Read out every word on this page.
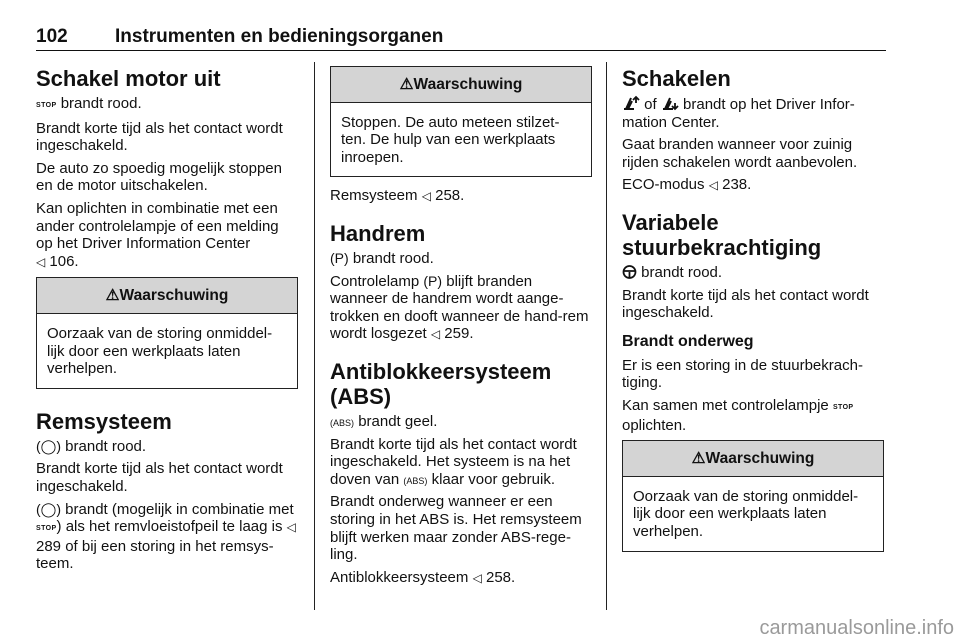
102 Instrumenten en bedieningsorganen
Schakel motor uit

STOP brandt rood.

Brandt korte tijd als het contact wordt ingeschakeld.

De auto zo spoedig mogelijk stoppen en de motor uitschakelen.

Kan oplichten in combinatie met een ander controlelampje of een melding op het Driver Information Center
◁ 106.

⚠Waarschuwing
Oorzaak van de storing onmiddel-lijk door een werkplaats laten verhelpen.
Remsysteem

(◯) brandt rood.

Brandt korte tijd als het contact wordt ingeschakeld.

(◯) brandt (mogelijk in combinatie met STOP) als het remvloeistofpeil te laag is ◁ 289 of bij een storing in het remsys-teem.

⚠Waarschuwing
Stoppen. De auto meteen stilzet-ten. De hulp van een werkplaats inroepen.

Remsysteem ◁ 258.

Handrem

(P) brandt rood.

Controlelamp (P) blijft branden wanneer de handrem wordt aange-trokken en dooft wanneer de hand-rem wordt losgezet ◁ 259.

Antiblokkeersysteem (ABS)

(ABS) brandt geel.

Brandt korte tijd als het contact wordt ingeschakeld. Het systeem is na het doven van (ABS) klaar voor gebruik.

Brandt onderweg wanneer er een storing in het ABS is. Het remsysteem blijft werken maar zonder ABS-rege-ling.

Antiblokkeersysteem ◁ 258.

Schakelen

of brandt op het Driver Infor-mation Center.

Gaat branden wanneer voor zuinig rijden schakelen wordt aanbevolen.

ECO-modus ◁ 238.

Variabele stuurbekrachtiging

brandt rood.

Brandt korte tijd als het contact wordt ingeschakeld.

Brandt onderweg

Er is een storing in de stuurbekrach-tiging.

Kan samen met controlelampje STOP
oplichten.

⚠Waarschuwing
Oorzaak van de storing onmiddel-lijk door een werkplaats laten verhelpen.
carmanualsonline.info
